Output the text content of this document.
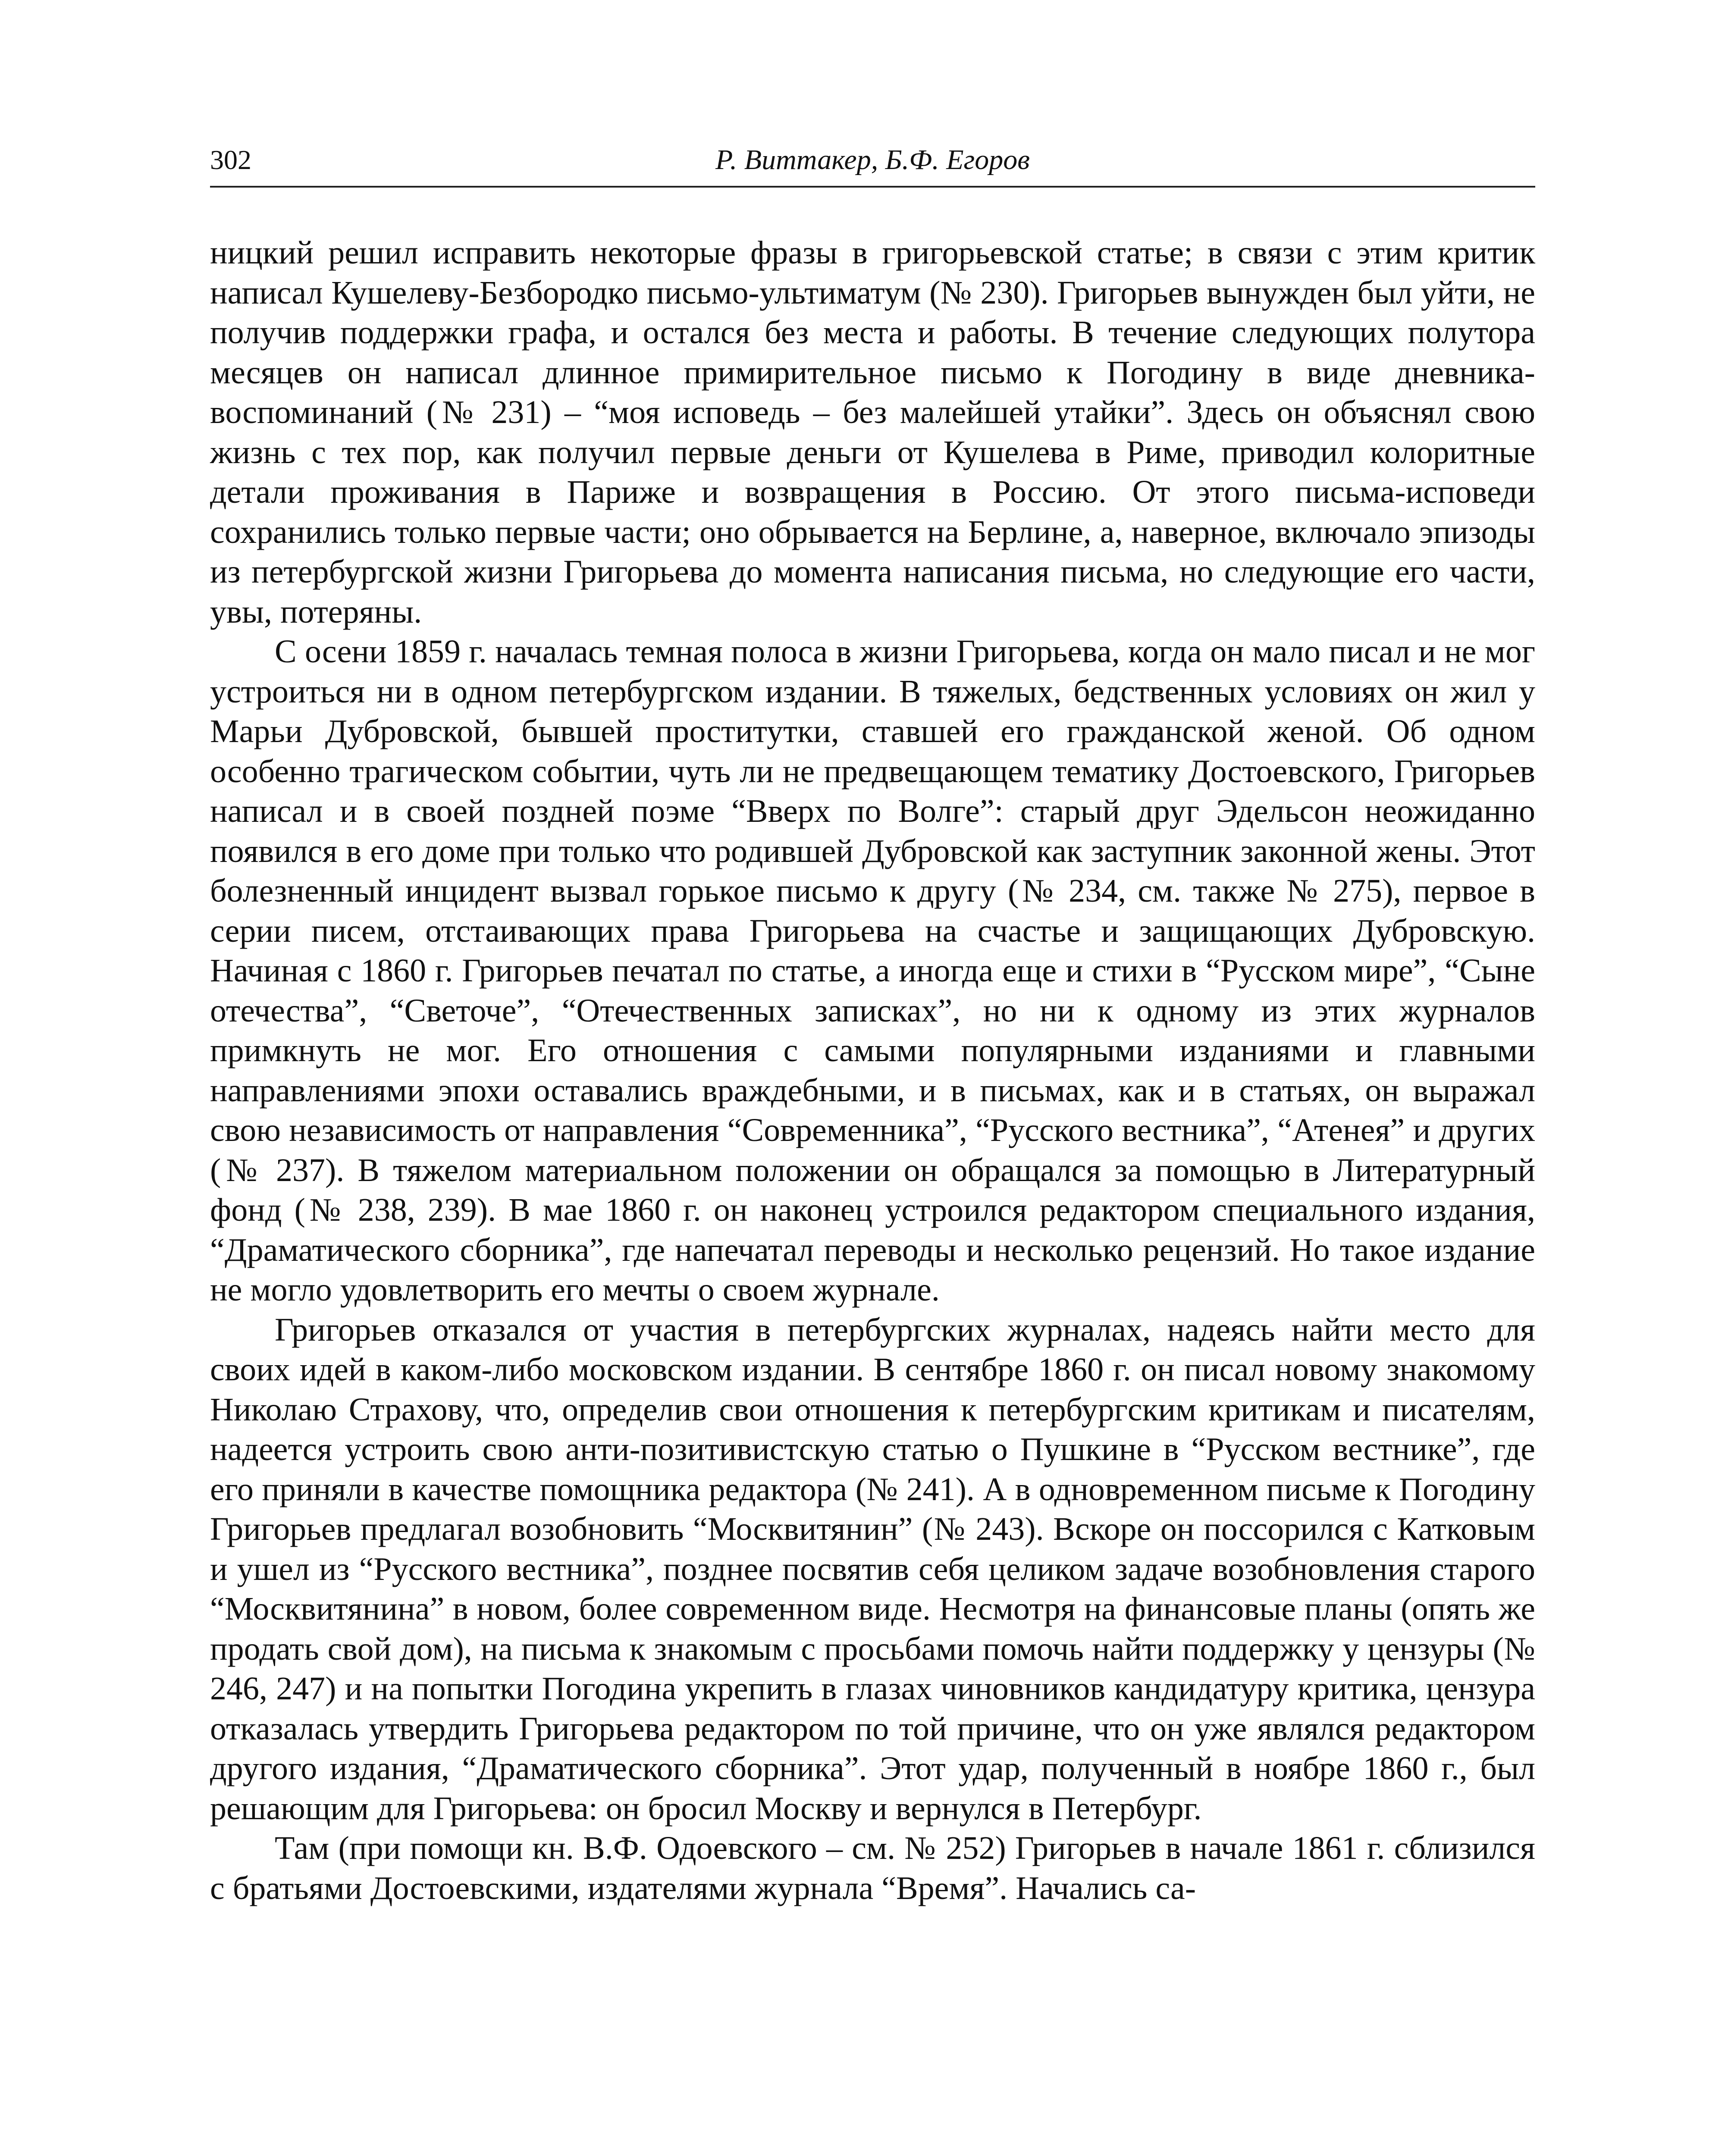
302	Р. Виттакер, Б.Ф. Егоров

ницкий решил исправить некоторые фразы в григорьевской статье; в связи с этим критик написал Кушелеву-Безбородко письмо-ультиматум (№ 230). Григорьев вынужден был уйти, не получив поддержки графа, и остался без места и работы. В течение следующих полутора месяцев он написал длинное примирительное письмо к Погодину в виде дневника-воспоминаний (№ 231) – “моя исповедь – без малейшей утайки”. Здесь он объяснял свою жизнь с тех пор, как получил первые деньги от Кушелева в Риме, приводил колоритные детали проживания в Париже и возвращения в Россию. От этого письма-исповеди сохранились только первые части; оно обрывается на Берлине, а, наверное, включало эпизоды из петербургской жизни Григорьева до момента написания письма, но следующие его части, увы, потеряны.

С осени 1859 г. началась темная полоса в жизни Григорьева, когда он мало писал и не мог устроиться ни в одном петербургском издании. В тяжелых, бедственных условиях он жил у Марьи Дубровской, бывшей проститутки, ставшей его гражданской женой. Об одном особенно трагическом событии, чуть ли не предвещающем тематику Достоевского, Григорьев написал и в своей поздней поэме “Вверх по Волге”: старый друг Эдельсон неожиданно появился в его доме при только что родившей Дубровской как заступник законной жены. Этот болезненный инцидент вызвал горькое письмо к другу (№ 234, см. также № 275), первое в серии писем, отстаивающих права Григорьева на счастье и защищающих Дубровскую. Начиная с 1860 г. Григорьев печатал по статье, а иногда еще и стихи в “Русском мире”, “Сыне отечества”, “Светоче”, “Отечественных записках”, но ни к одному из этих журналов примкнуть не мог. Его отношения с самыми популярными изданиями и главными направлениями эпохи оставались враждебными, и в письмах, как и в статьях, он выражал свою независимость от направления “Современника”, “Русского вестника”, “Атенея” и других (№ 237). В тяжелом материальном положении он обращался за помощью в Литературный фонд (№ 238, 239). В мае 1860 г. он наконец устроился редактором специального издания, “Драматического сборника”, где напечатал переводы и несколько рецензий. Но такое издание не могло удовлетворить его мечты о своем журнале.

Григорьев отказался от участия в петербургских журналах, надеясь найти место для своих идей в каком-либо московском издании. В сентябре 1860 г. он писал новому знакомому Николаю Страхову, что, определив свои отношения к петербургским критикам и писателям, надеется устроить свою анти-позитивистскую статью о Пушкине в “Русском вестнике”, где его приняли в качестве помощника редактора (№ 241). А в одновременном письме к Погодину Григорьев предлагал возобновить “Москвитянин” (№ 243). Вскоре он поссорился с Катковым и ушел из “Русского вестника”, позднее посвятив себя целиком задаче возобновления старого “Москвитянина” в новом, более современном виде. Несмотря на финансовые планы (опять же продать свой дом), на письма к знакомым с просьбами помочь найти поддержку у цензуры (№ 246, 247) и на попытки Погодина укрепить в глазах чиновников кандидатуру критика, цензура отказалась утвердить Григорьева редактором по той причине, что он уже являлся редактором другого издания, “Драматического сборника”. Этот удар, полученный в ноябре 1860 г., был решающим для Григорьева: он бросил Москву и вернулся в Петербург.

Там (при помощи кн. В.Ф. Одоевского – см. № 252) Григорьев в начале 1861 г. сблизился с братьями Достоевскими, издателями журнала “Время”. Начались са-
